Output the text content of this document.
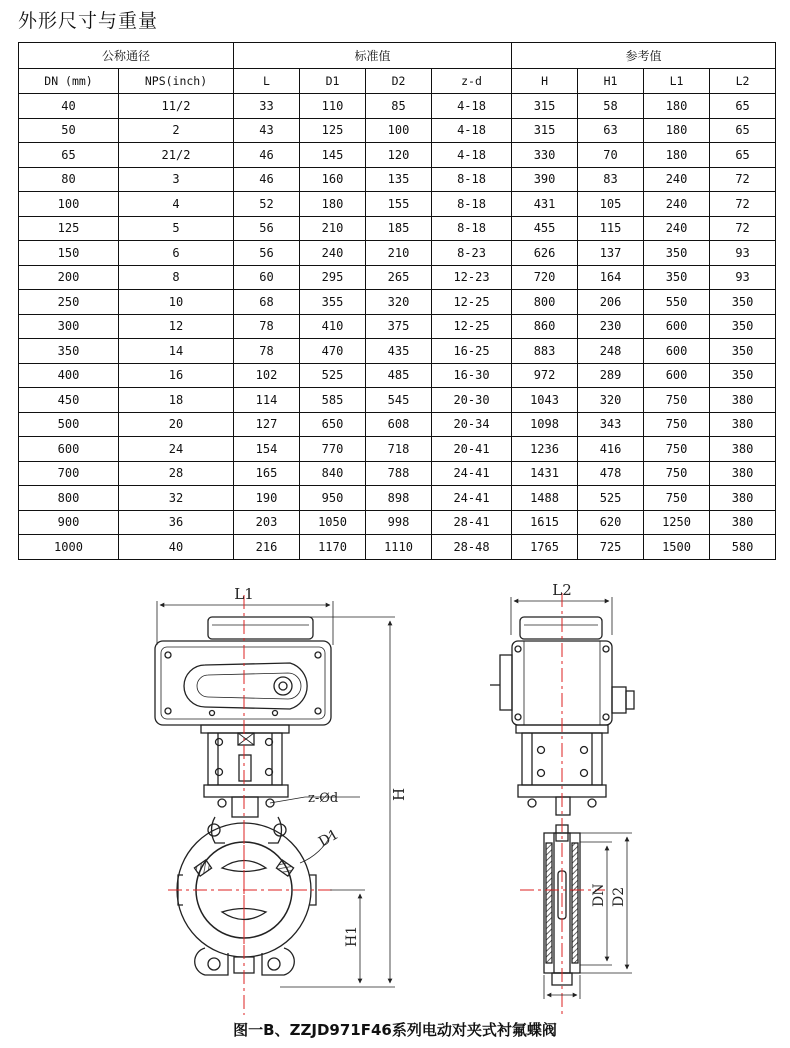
外形尺寸与重量
公称通径		标准值				参考值			
DN (mm)	NPS(inch)	L	D1	D2	z-d	H	H1	L1	L2
40	11/2	33	110	85	4-18	315	58	180	65
50	2	43	125	100	4-18	315	63	180	65
65	21/2	46	145	120	4-18	330	70	180	65
80	3	46	160	135	8-18	390	83	240	72
100	4	52	180	155	8-18	431	105	240	72
125	5	56	210	185	8-18	455	115	240	72
150	6	56	240	210	8-23	626	137	350	93
200	8	60	295	265	12-23	720	164	350	93
250	10	68	355	320	12-25	800	206	550	350
300	12	78	410	375	12-25	860	230	600	350
350	14	78	470	435	16-25	883	248	600	350
400	16	102	525	485	16-30	972	289	600	350
450	18	114	585	545	20-30	1043	320	750	380
500	20	127	650	608	20-34	1098	343	750	380
600	24	154	770	718	20-41	1236	416	750	380
700	28	165	840	788	24-41	1431	478	750	380
800	32	190	950	898	24-41	1488	525	750	380
900	36	203	1050	998	28-41	1615	620	1250	380
1000	40	216	1170	1110	28-48	1765	725	1500	580
L1	L2
H
H1
D1
z-Ød
DN D2
图一B、ZZJD971F46系列电动对夹式衬氟蝶阀
